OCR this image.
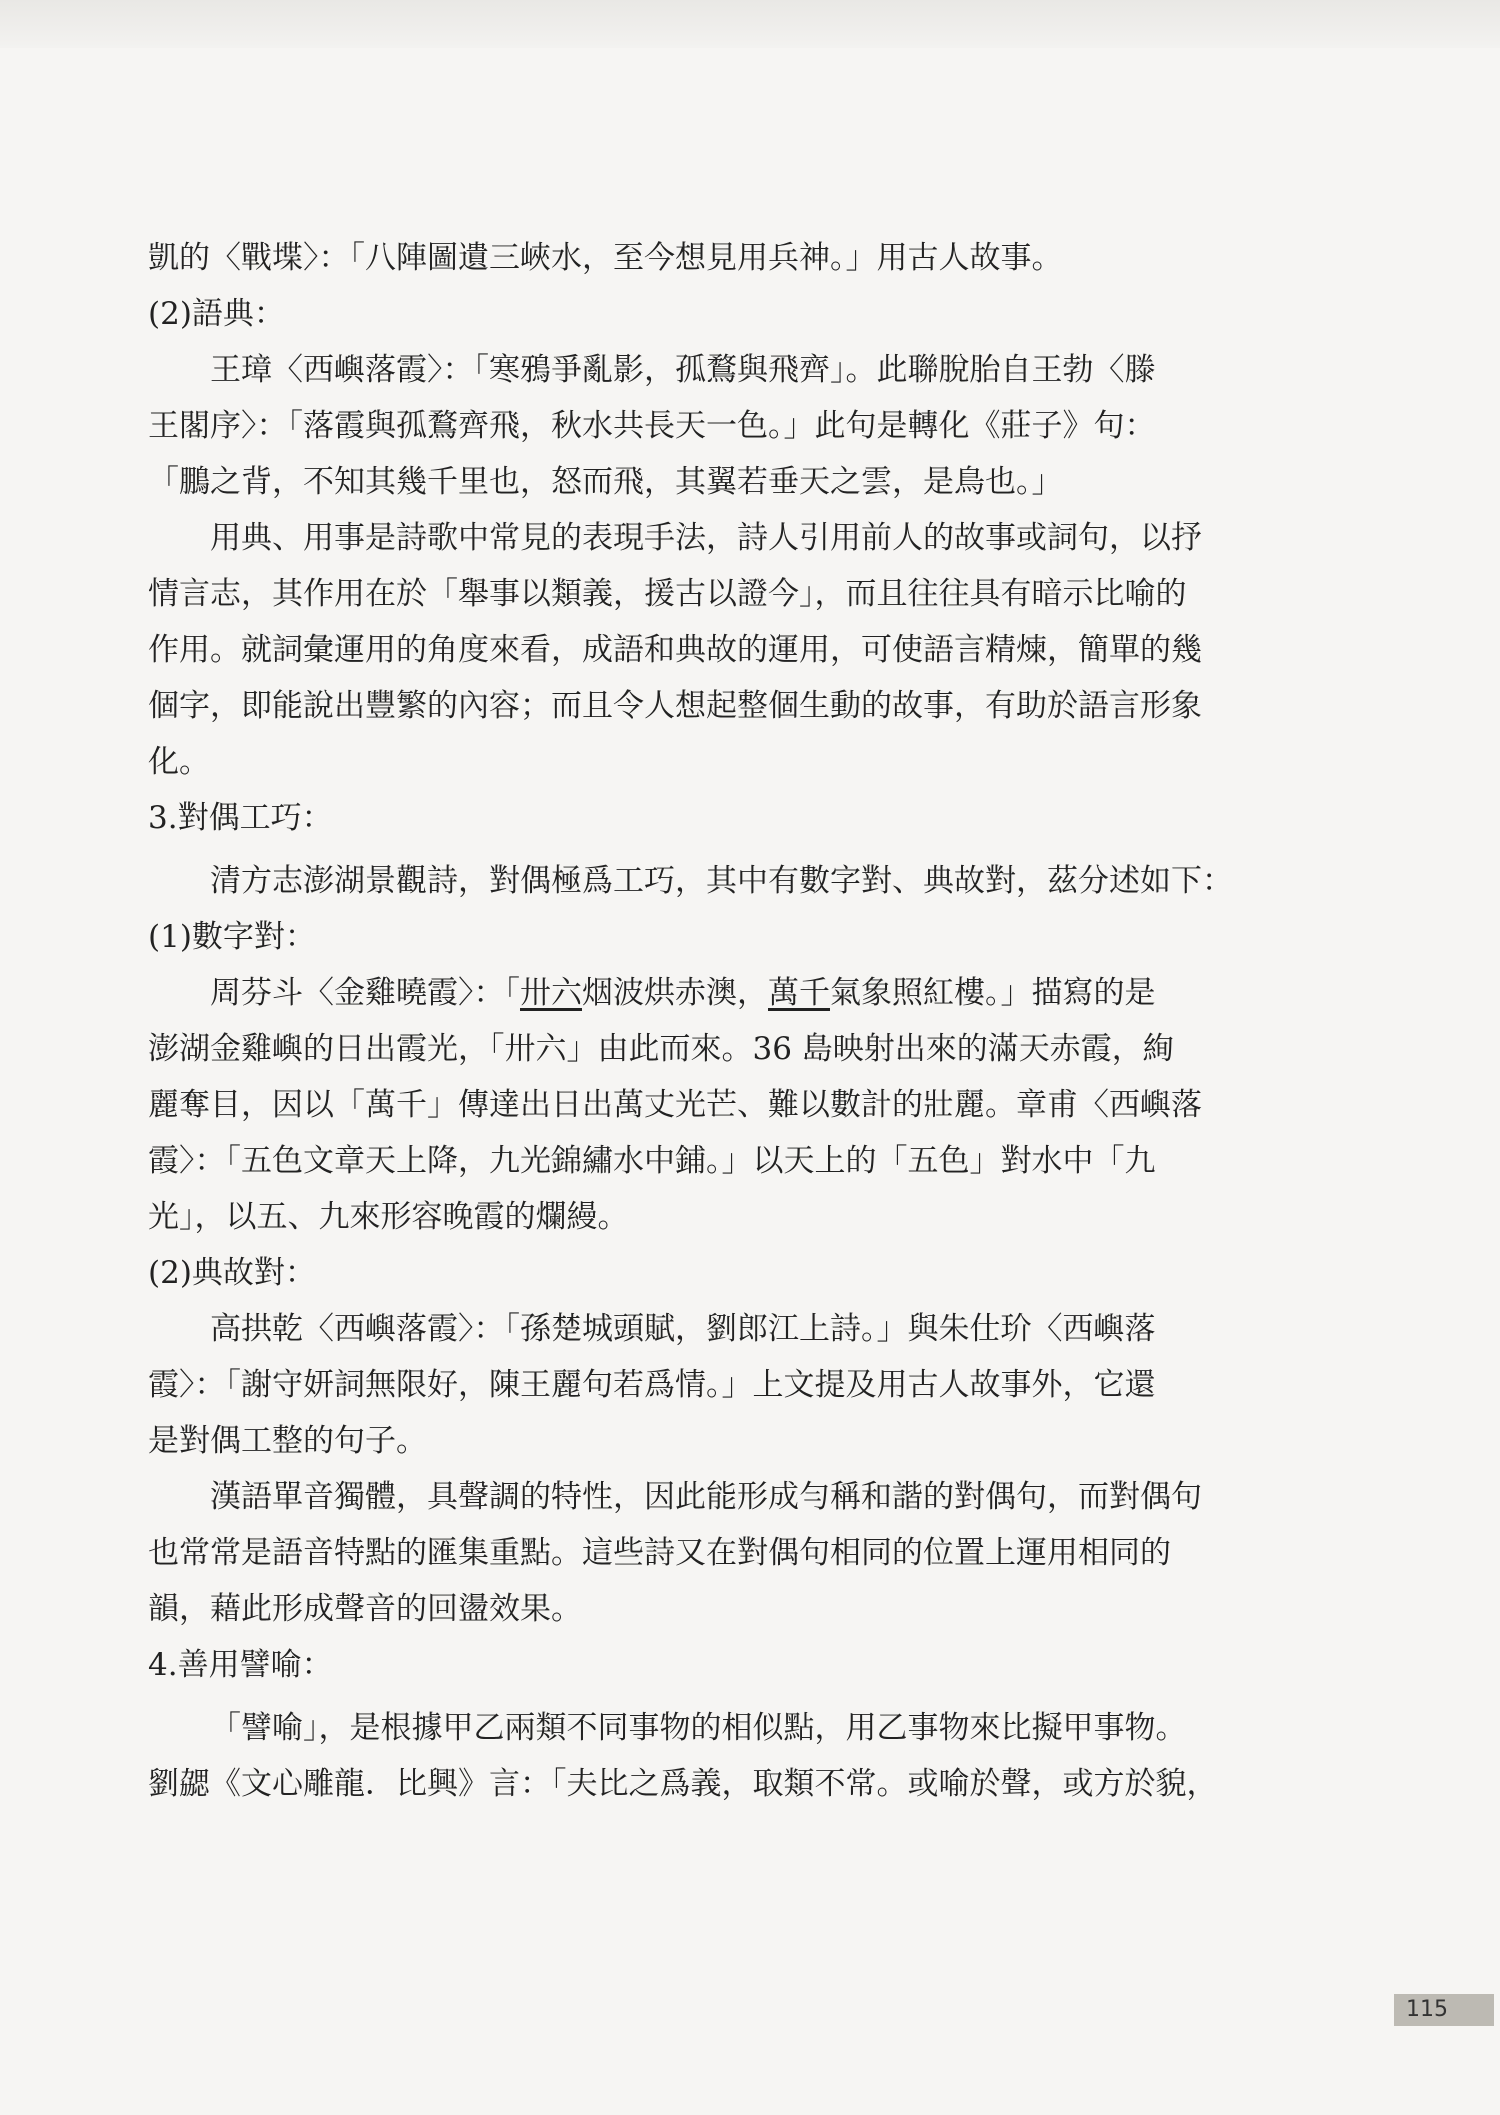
凱的〈戰堞〉：「八陣圖遺三峽水，至今想見用兵神。」用古人故事。
(2)語典：
王璋〈西嶼落霞〉：「寒鴉爭亂影，孤鶩與飛齊」。此聯脫胎自王勃〈滕
王閣序〉：「落霞與孤鶩齊飛，秋水共長天一色。」此句是轉化《莊子》句：
「鵬之背，不知其幾千里也，怒而飛，其翼若垂天之雲，是鳥也。」
用典、用事是詩歌中常見的表現手法，詩人引用前人的故事或詞句，以抒
情言志，其作用在於「舉事以類義，援古以證今」，而且往往具有暗示比喻的
作用。就詞彙運用的角度來看，成語和典故的運用，可使語言精煉，簡單的幾
個字，即能說出豐繁的內容；而且令人想起整個生動的故事，有助於語言形象
化。
3.對偶工巧：
清方志澎湖景觀詩，對偶極爲工巧，其中有數字對、典故對，茲分述如下：
(1)數字對：
周芬斗〈金雞曉霞〉：「卅六烟波烘赤澳，萬千氣象照紅樓。」描寫的是
澎湖金雞嶼的日出霞光，「卅六」由此而來。36 島映射出來的滿天赤霞，絢
麗奪目，因以「萬千」傳達出日出萬丈光芒、難以數計的壯麗。章甫〈西嶼落
霞〉：「五色文章天上降，九光錦繡水中鋪。」以天上的「五色」對水中「九
光」，以五、九來形容晚霞的爛縵。
(2)典故對：
高拱乾〈西嶼落霞〉：「孫楚城頭賦，劉郎江上詩。」與朱仕玠〈西嶼落
霞〉：「謝守妍詞無限好，陳王麗句若爲情。」上文提及用古人故事外，它還
是對偶工整的句子。
漢語單音獨體，具聲調的特性，因此能形成勻稱和諧的對偶句，而對偶句
也常常是語音特點的匯集重點。這些詩又在對偶句相同的位置上運用相同的
韻，藉此形成聲音的回盪效果。
4.善用譬喻：
「譬喻」，是根據甲乙兩類不同事物的相似點，用乙事物來比擬甲事物。
劉勰《文心雕龍．比興》言：「夫比之爲義，取類不常。或喻於聲，或方於貌，
115
